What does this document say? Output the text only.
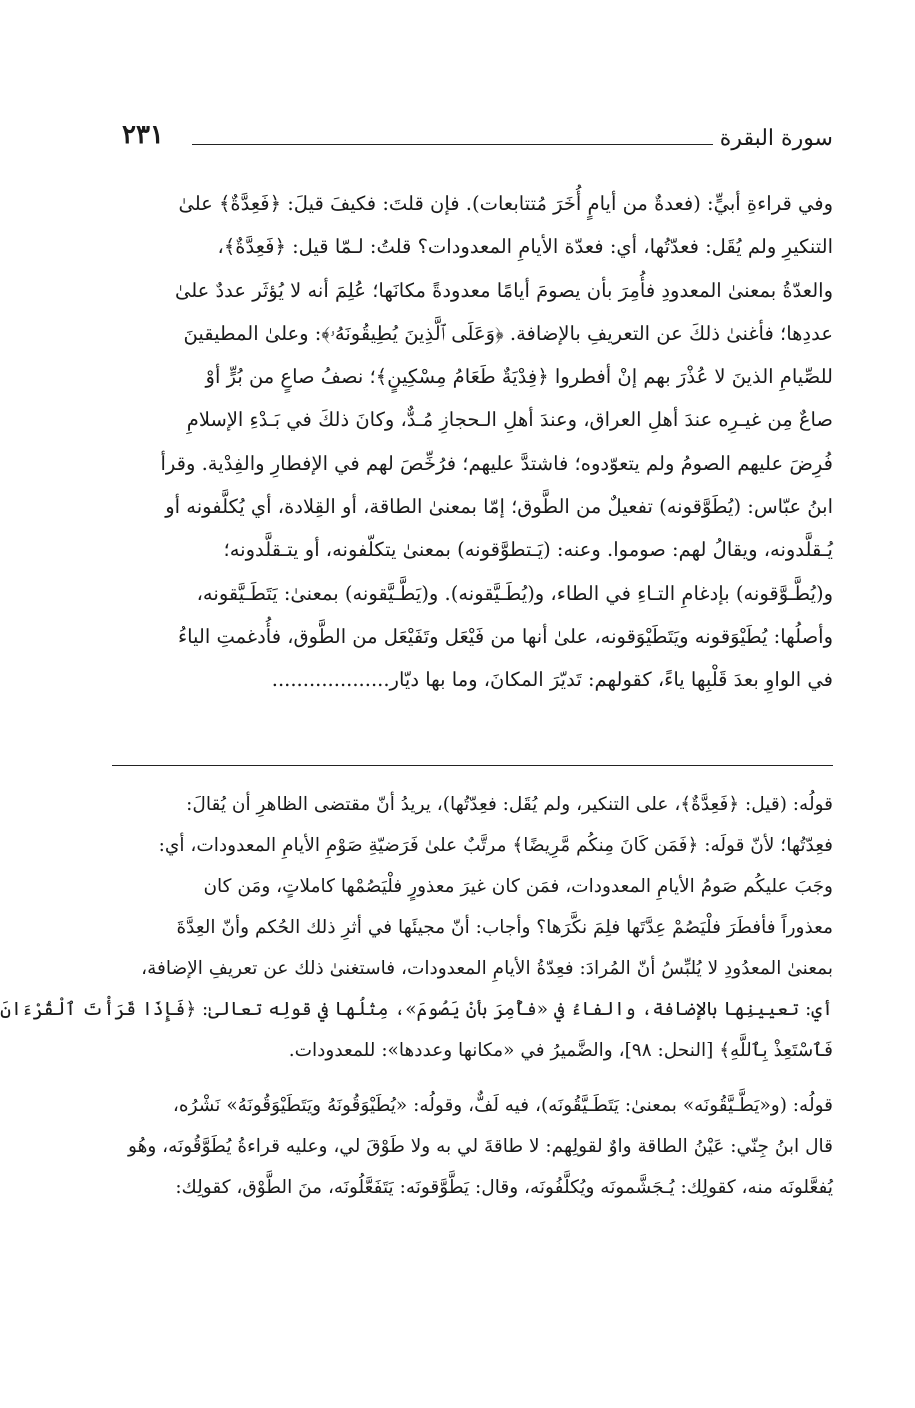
سورة البقرة
٢٣١
وفي قراءةِ أبيٍّ: (فعدةٌ من أيامٍ أُخَرَ مُتتابعات). فإن قلتَ: فكيفَ قيلَ: ﴿فَعِدَّةٌ﴾ علىٰ
التنكيرِ ولم يُقَل: فعدّتُها، أي: فعدّة الأيامِ المعدودات؟ قلتُ: لـمّا قيل: ﴿فَعِدَّةٌ﴾،
والعدّةُ بمعنىٰ المعدودِ فأُمِرَ بأن يصومَ أيامًا معدودةً مكانَها؛ عُلِمَ أنه لا يُؤثَر عددٌ علىٰ
عددِها؛ فأغنىٰ ذلكَ عن التعريفِ بالإضافة. ﴿وَعَلَى ٱلَّذِينَ يُطِيقُونَهُۥ﴾: وعلىٰ المطيقينَ
للصِّيامِ الذينَ لا عُذْرَ بهم إنْ أفطروا ﴿فِدْيَةٌ طَعَامُ مِسْكِينٍ﴾؛ نصفُ صاعٍ من بُرٍّ أوْ
صاعٌ مِن غيـرِه عندَ أهلِ العراق، وعندَ أهلِ الـحجازِ مُـدٌّ، وكانَ ذلكَ في بَـدْءِ الإسلامِ
فُرِضَ عليهم الصومُ ولم يتعوّدوه؛ فاشتدَّ عليهم؛ فرُخِّصَ لهم في الإفطارِ والفِدْية. وقرأ
ابنُ عبّاس: (يُطَوَّقونه) تفعيلٌ من الطَّوق؛ إمّا بمعنىٰ الطاقة، أو القِلادة، أي يُكلَّفونه أو
يُـقلَّدونه، ويقالُ لهم: صوموا. وعنه: (يَـتطوَّقونه) بمعنىٰ يتكلّفونه، أو يتـقلَّدونه؛
و(يُطَّـوَّقونه) بإدغامِ التـاءِ في الطاء، و(يُطَـيَّقونه). و(يَطَّـيَّقونه) بمعنىٰ: يَتَطَـيَّقونه،
وأصلُها: يُطَيْوَقونه ويَتَطَيْوَقونه، علىٰ أنها من فَيْعَل وتَفَيْعَل من الطَّوق، فأُدغمتِ الياءُ
في الواوِ بعدَ قَلْبِها ياءً، كقولهم: تَديّرَ المكانَ، وما بها ديّار...................
قولُه: (قيل: ﴿فَعِدَّةٌ﴾، على التنكير، ولم يُقَل: فعِدّتُها)، يريدُ أنّ مقتضى الظاهرِ أن يُقالَ:
فعِدّتُها؛ لأنّ قولَه: ﴿فَمَن كَانَ مِنكُم مَّرِيضًا﴾ مرتَّبٌ علىٰ فَرَضيّةِ صَوْمِ الأيامِ المعدودات، أي:
وجَبَ عليكُم صَومُ الأيامِ المعدودات، فمَن كان غيرَ معذورٍ فلْيَصُمْها كاملاتٍ، ومَن كان
معذوراً فأفطَرَ فلْيَصُمْ عِدَّتَها فلِمَ نكَّرَها؟ وأجاب: أنّ مجيئَها في أثرِ ذلك الحُكم وأنّ العِدَّةَ
بمعنىٰ المعدُودِ لا يُلبِّسُ أنّ المُرادَ: فعِدّةُ الأيامِ المعدودات، فاستغنىٰ ذلك عن تعريفِ الإضافة،
أي: تعيينِها بالإضافة، والفاءُ في «فأُمِرَ بأنْ يَصُومَ»، مِثلُها في قولِه تعالىٰ: ﴿فَإِذَا قَرَأْتَ ٱلْقُرْءَانَ
فَٱسْتَعِذْ بِٱللَّهِ﴾ [النحل: ٩٨]، والضَّميرُ في «مكانها وعددها»: للمعدودات.
قولُه: (و«يَطَّـيَّقُونَه» بمعنىٰ: يَتَطَـيَّقُونَه)، فيه لَفٌّ، وقولُه: «يُطَيْوَقُونَهُ ويَتَطَيْوَقُونَهُ» نَشْرُه،
قال ابنُ جِنّي: عَيْنُ الطاقة واوٌ لقولِهم: لا طاقةَ لي به ولا طَوْقَ لي، وعليه قراءةُ يُطَوَّقُونَه، وهُو
يُفعَّلونَه منه، كقولِك: يُـجَشَّمونَه ويُكلَّفُونَه، وقال: يَطَّوَّقونَه: يَتَفَعَّلُونَه، منَ الطَّوْق، كقولِك:
